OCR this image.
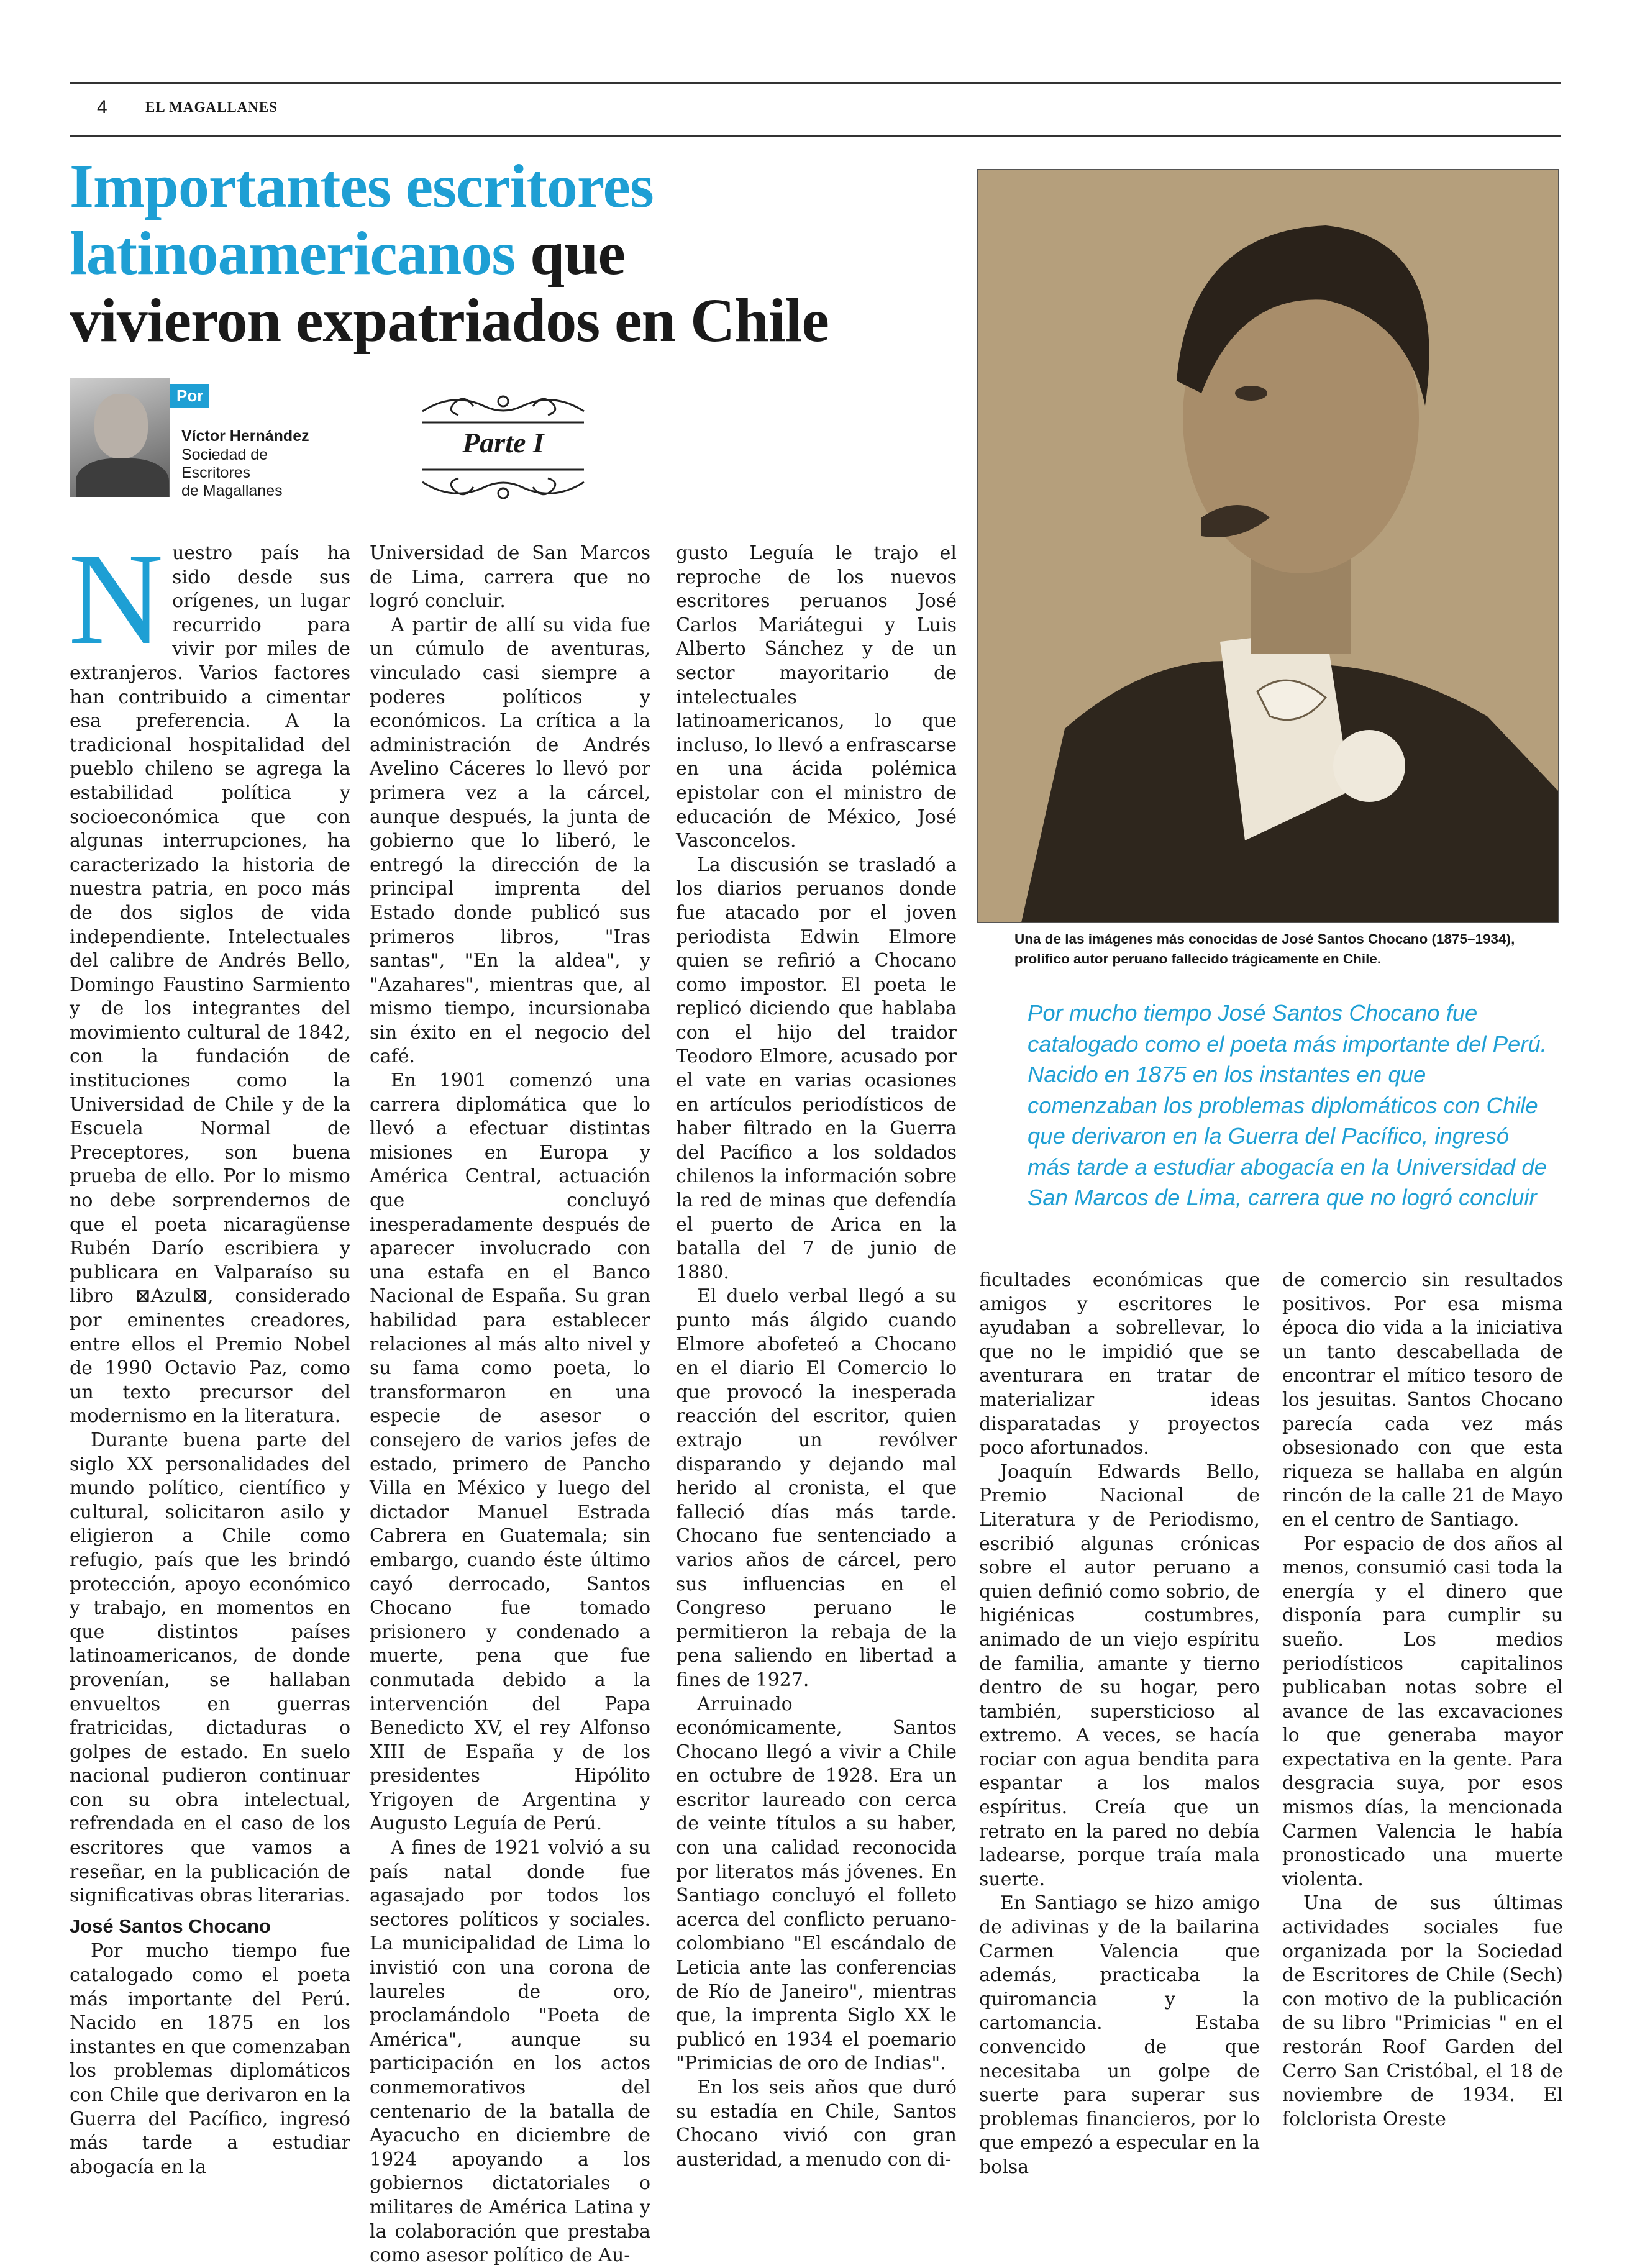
4	EL MAGALLANES
Importantes escritores
latinoamericanos que
vivieron expatriados en Chile
Por
Víctor Hernández
Sociedad de
Escritores
de Magallanes
Parte I

Nuestro país ha sido desde sus orígenes, un lugar recurrido para vivir por miles de extranjeros. Varios factores han contribuido a cimentar esa preferencia. A la tradicional hospitalidad del pueblo chileno se agrega la estabilidad política y socioeconómica que con algunas interrupciones, ha caracterizado la historia de nuestra patria, en poco más de dos siglos de vida independiente. Intelectuales del calibre de Andrés Bello, Domingo Faustino Sarmiento y de los integrantes del movimiento cultural de 1842, con la fundación de instituciones como la Universidad de Chile y de la Escuela Normal de Preceptores, son buena prueba de ello. Por lo mismo no debe sorprendernos de que el poeta nicaragüense Rubén Darío escribiera y publicara en Valparaíso su libro ⊠Azul⊠, considerado por eminentes creadores, entre ellos el Premio Nobel de 1990 Octavio Paz, como un texto precursor del modernismo en la literatura.

Durante buena parte del siglo XX personalidades del mundo político, científico y cultural, solicitaron asilo y eligieron a Chile como refugio, país que les brindó protección, apoyo económico y trabajo, en momentos en que distintos países latinoamericanos, de donde provenían, se hallaban envueltos en guerras fratricidas, dictaduras o golpes de estado. En suelo nacional pudieron continuar con su obra intelectual, refrendada en el caso de los escritores que vamos a reseñar, en la publicación de significativas obras literarias.

José Santos Chocano

Por mucho tiempo fue catalogado como el poeta más importante del Perú. Nacido en 1875 en los instantes en que comenzaban los problemas diplomáticos con Chile que derivaron en la Guerra del Pacífico, ingresó más tarde a estudiar abogacía en la

Universidad de San Marcos de Lima, carrera que no logró concluir.

A partir de allí su vida fue un cúmulo de aventuras, vinculado casi siempre a poderes políticos y económicos. La crítica a la administración de Andrés Avelino Cáceres lo llevó por primera vez a la cárcel, aunque después, la junta de gobierno que lo liberó, le entregó la dirección de la principal imprenta del Estado donde publicó sus primeros libros, "Iras santas", "En la aldea", y "Azahares", mientras que, al mismo tiempo, incursionaba sin éxito en el negocio del café.

En 1901 comenzó una carrera diplomática que lo llevó a efectuar distintas misiones en Europa y América Central, actuación que concluyó inesperadamente después de aparecer involucrado con una estafa en el Banco Nacional de España. Su gran habilidad para establecer relaciones al más alto nivel y su fama como poeta, lo transformaron en una especie de asesor o consejero de varios jefes de estado, primero de Pancho Villa en México y luego del dictador Manuel Estrada Cabrera en Guatemala; sin embargo, cuando éste último cayó derrocado, Santos Chocano fue tomado prisionero y condenado a muerte, pena que fue conmutada debido a la intervención del Papa Benedicto XV, el rey Alfonso XIII de España y de los presidentes Hipólito Yrigoyen de Argentina y Augusto Leguía de Perú.

A fines de 1921 volvió a su país natal donde fue agasajado por todos los sectores políticos y sociales. La municipalidad de Lima lo invistió con una corona de laureles de oro, proclamándolo "Poeta de América", aunque su participación en los actos conmemorativos del centenario de la batalla de Ayacucho en diciembre de 1924 apoyando a los gobiernos dictatoriales o militares de América Latina y la colaboración que prestaba como asesor político de Au-

gusto Leguía le trajo el reproche de los nuevos escritores peruanos José Carlos Mariátegui y Luis Alberto Sánchez y de un sector mayoritario de intelectuales latinoamericanos, lo que incluso, lo llevó a enfrascarse en una ácida polémica epistolar con el ministro de educación de México, José Vasconcelos.

La discusión se trasladó a los diarios peruanos donde fue atacado por el joven periodista Edwin Elmore quien se refirió a Chocano como impostor. El poeta le replicó diciendo que hablaba con el hijo del traidor Teodoro Elmore, acusado por el vate en varias ocasiones en artículos periodísticos de haber filtrado en la Guerra del Pacífico a los soldados chilenos la información sobre la red de minas que defendía el puerto de Arica en la batalla del 7 de junio de 1880.

El duelo verbal llegó a su punto más álgido cuando Elmore abofeteó a Chocano en el diario El Comercio lo que provocó la inesperada reacción del escritor, quien extrajo un revólver disparando y dejando mal herido al cronista, el que falleció días más tarde. Chocano fue sentenciado a varios años de cárcel, pero sus influencias en el Congreso peruano le permitieron la rebaja de la pena saliendo en libertad a fines de 1927.

Arruinado económicamente, Santos Chocano llegó a vivir a Chile en octubre de 1928. Era un escritor laureado con cerca de veinte títulos a su haber, con una calidad reconocida por literatos más jóvenes. En Santiago concluyó el folleto acerca del conflicto peruano-colombiano "El escándalo de Leticia ante las conferencias de Río de Janeiro", mientras que, la imprenta Siglo XX le publicó en 1934 el poemario "Primicias de oro de Indias".

En los seis años que duró su estadía en Chile, Santos Chocano vivió con gran austeridad, a menudo con di-

Una de las imágenes más conocidas de José Santos Chocano (1875–1934), prolífico autor peruano fallecido trágicamente en Chile.
Por mucho tiempo José Santos Chocano fue catalogado como el poeta más importante del Perú. Nacido en 1875 en los instantes en que comenzaban los problemas diplomáticos con Chile que derivaron en la Guerra del Pacífico, ingresó más tarde a estudiar abogacía en la Universidad de San Marcos de Lima, carrera que no logró concluir

ficultades económicas que amigos y escritores le ayudaban a sobrellevar, lo que no le impidió que se aventurara en tratar de materializar ideas disparatadas y proyectos poco afortunados.

Joaquín Edwards Bello, Premio Nacional de Literatura y de Periodismo, escribió algunas crónicas sobre el autor peruano a quien definió como sobrio, de higiénicas costumbres, animado de un viejo espíritu de familia, amante y tierno dentro de su hogar, pero también, supersticioso al extremo. A veces, se hacía rociar con agua bendita para espantar a los malos espíritus. Creía que un retrato en la pared no debía ladearse, porque traía mala suerte.

En Santiago se hizo amigo de adivinas y de la bailarina Carmen Valencia que además, practicaba la quiromancia y la cartomancia. Estaba convencido de que necesitaba un golpe de suerte para superar sus problemas financieros, por lo que empezó a especular en la bolsa

de comercio sin resultados positivos. Por esa misma época dio vida a la iniciativa un tanto descabellada de encontrar el mítico tesoro de los jesuitas. Santos Chocano parecía cada vez más obsesionado con que esta riqueza se hallaba en algún rincón de la calle 21 de Mayo en el centro de Santiago.

Por espacio de dos años al menos, consumió casi toda la energía y el dinero que disponía para cumplir su sueño. Los medios periodísticos capitalinos publicaban notas sobre el avance de las excavaciones lo que generaba mayor expectativa en la gente. Para desgracia suya, por esos mismos días, la mencionada Carmen Valencia le había pronosticado una muerte violenta.

Una de sus últimas actividades sociales fue organizada por la Sociedad de Escritores de Chile (Sech) con motivo de la publicación de su libro "Primicias " en el restorán Roof Garden del Cerro San Cristóbal, el 18 de noviembre de 1934. El folclorista Oreste
